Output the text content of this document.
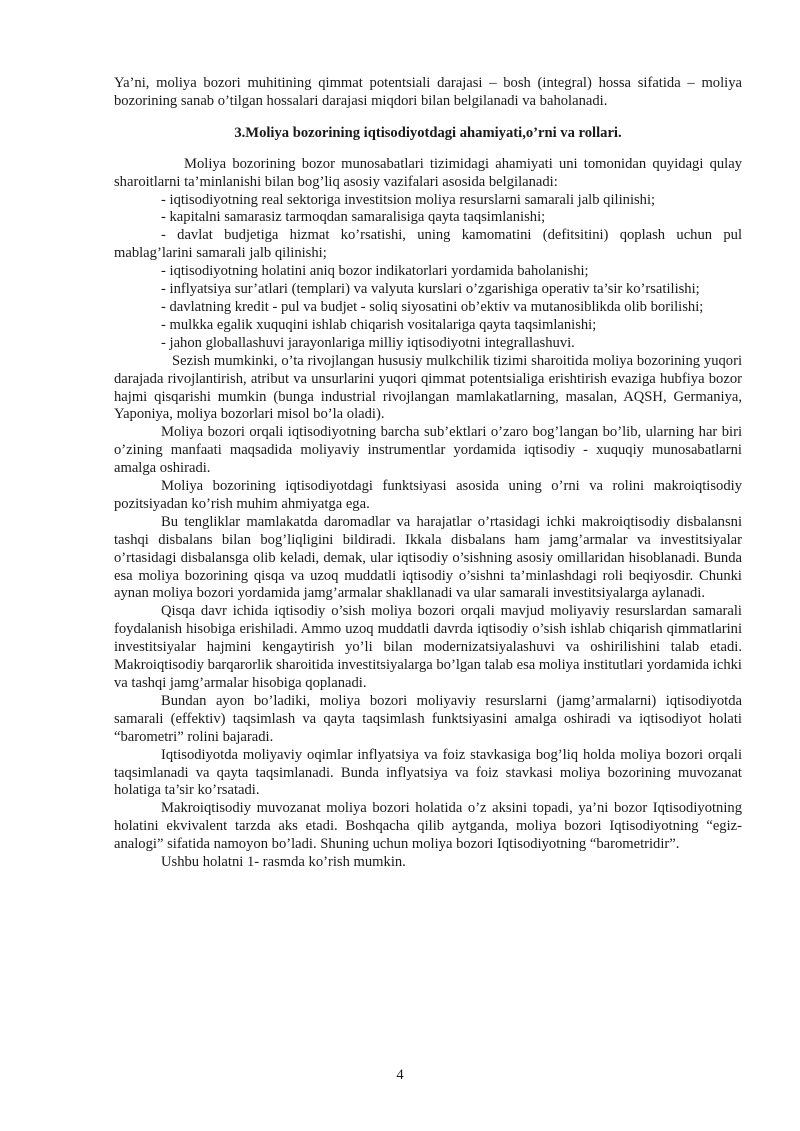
Ya’ni, moliya bozori muhitining qimmat potentsiali darajasi – bosh (integral) hossa sifatida – moliya bozorining sanab o’tilgan hossalari darajasi miqdori bilan belgilanadi va baholanadi.

3.Moliya bozorining iqtisodiyotdagi ahamiyati,o’rni va rollari.

Moliya bozorining bozor munosabatlari tizimidagi ahamiyati uni tomonidan quyidagi qulay sharoitlarni ta’minlanishi bilan bog’liq asosiy vazifalari asosida belgilanadi:

- iqtisodiyotning real sektoriga investitsion moliya resurslarni samarali jalb qilinishi;

- kapitalni samarasiz tarmoqdan samaralisiga qayta taqsimlanishi;

- davlat budjetiga hizmat ko’rsatishi, uning kamomatini (defitsitini) qoplash uchun pul mablag’larini samarali jalb qilinishi;

- iqtisodiyotning holatini aniq bozor indikatorlari yordamida baholanishi;

- inflyatsiya sur’atlari (templari) va valyuta kurslari o’zgarishiga operativ ta’sir ko’rsatilishi;

- davlatning kredit - pul va budjet - soliq siyosatini ob’ektiv va mutanosiblikda olib borilishi;

- mulkka egalik xuquqini ishlab chiqarish vositalariga qayta taqsimlanishi;

- jahon globallashuvi jarayonlariga milliy iqtisodiyotni integrallashuvi.

Sezish mumkinki, o’ta rivojlangan hususiy mulkchilik tizimi sharoitida moliya bozorining yuqori darajada rivojlantirish, atribut va unsurlarini yuqori qimmat potentsialiga erishtirish evaziga hubfiya bozor hajmi qisqarishi mumkin (bunga industrial rivojlangan mamlakatlarning, masalan, AQSH, Germaniya, Yaponiya, moliya bozorlari misol bo’la oladi).

Moliya bozori orqali iqtisodiyotning barcha sub’ektlari o’zaro bog’langan bo’lib, ularning har biri o’zining manfaati maqsadida moliyaviy instrumentlar yordamida iqtisodiy - xuquqiy munosabatlarni amalga oshiradi.

Moliya bozorining iqtisodiyotdagi funktsiyasi asosida uning o’rni va rolini makroiqtisodiy pozitsiyadan ko’rish muhim ahmiyatga ega.

Bu tengliklar mamlakatda daromadlar va harajatlar o’rtasidagi ichki makroiqtisodiy disbalansni tashqi disbalans bilan bog’liqligini bildiradi. Ikkala disbalans ham jamg’armalar va investitsiyalar o’rtasidagi disbalansga olib keladi, demak, ular iqtisodiy o’sishning asosiy omillaridan hisoblanadi. Bunda esa moliya bozorining qisqa va uzoq muddatli iqtisodiy o’sishni ta’minlashdagi roli beqiyosdir. Chunki aynan moliya bozori yordamida jamg’armalar shakllanadi va ular samarali investitsiyalarga aylanadi.

Qisqa davr ichida iqtisodiy o’sish moliya bozori orqali mavjud moliyaviy resurslardan samarali foydalanish hisobiga erishiladi. Ammo uzoq muddatli davrda iqtisodiy o’sish ishlab chiqarish qimmatlarini investitsiyalar hajmini kengaytirish yo’li bilan modernizatsiyalashuvi va oshirilishini talab etadi. Makroiqtisodiy barqarorlik sharoitida investitsiyalarga bo’lgan talab esa moliya institutlari yordamida ichki va tashqi jamg’armalar hisobiga qoplanadi.

Bundan ayon bo’ladiki, moliya bozori moliyaviy resurslarni (jamg’armalarni) iqtisodiyotda samarali (effektiv) taqsimlash va qayta taqsimlash funktsiyasini amalga oshiradi va iqtisodiyot holati “barometri” rolini bajaradi.

Iqtisodiyotda moliyaviy oqimlar inflyatsiya va foiz stavkasiga bog’liq holda moliya bozori orqali taqsimlanadi va qayta taqsimlanadi. Bunda inflyatsiya va foiz stavkasi moliya bozorining muvozanat holatiga ta’sir ko’rsatadi.

Makroiqtisodiy muvozanat moliya bozori holatida o’z aksini topadi, ya’ni bozor Iqtisodiyotning holatini ekvivalent tarzda aks etadi. Boshqacha qilib aytganda, moliya bozori Iqtisodiyotning “egiz-analogi” sifatida namoyon bo’ladi. Shuning uchun moliya bozori Iqtisodiyotning “barometridir”.

Ushbu holatni 1- rasmda ko’rish mumkin.

4
